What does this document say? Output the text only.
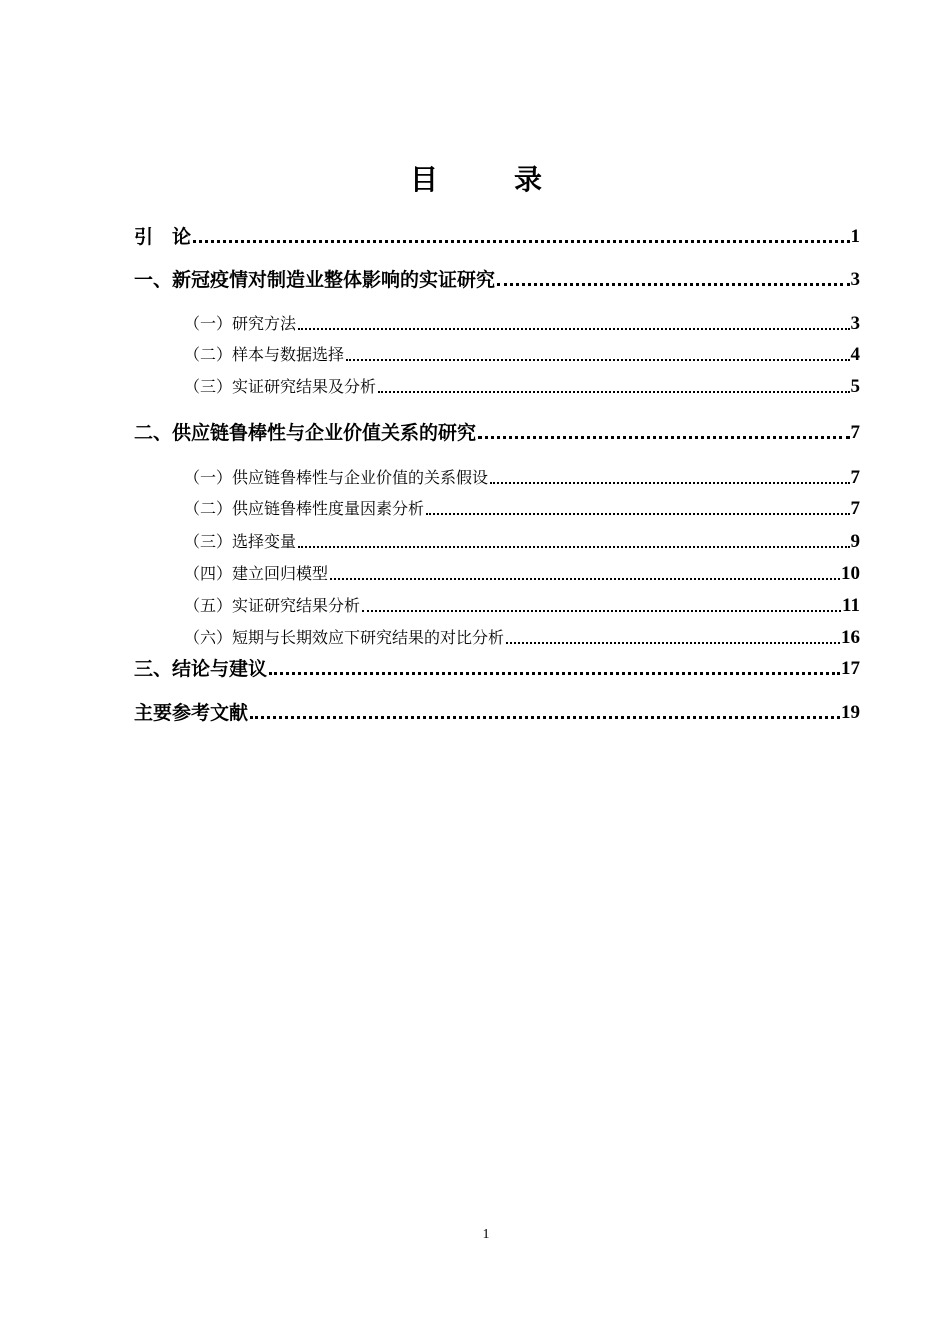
目　录
引　论	1
一、新冠疫情对制造业整体影响的实证研究	3
（一）研究方法	3
（二）样本与数据选择	4
（三）实证研究结果及分析	5
二、供应链鲁棒性与企业价值关系的研究	7
（一）供应链鲁棒性与企业价值的关系假设	7
（二）供应链鲁棒性度量因素分析	7
（三）选择变量	9
（四）建立回归模型	10
（五）实证研究结果分析	11
（六）短期与长期效应下研究结果的对比分析	16
三、结论与建议	17
主要参考文献	19
1
